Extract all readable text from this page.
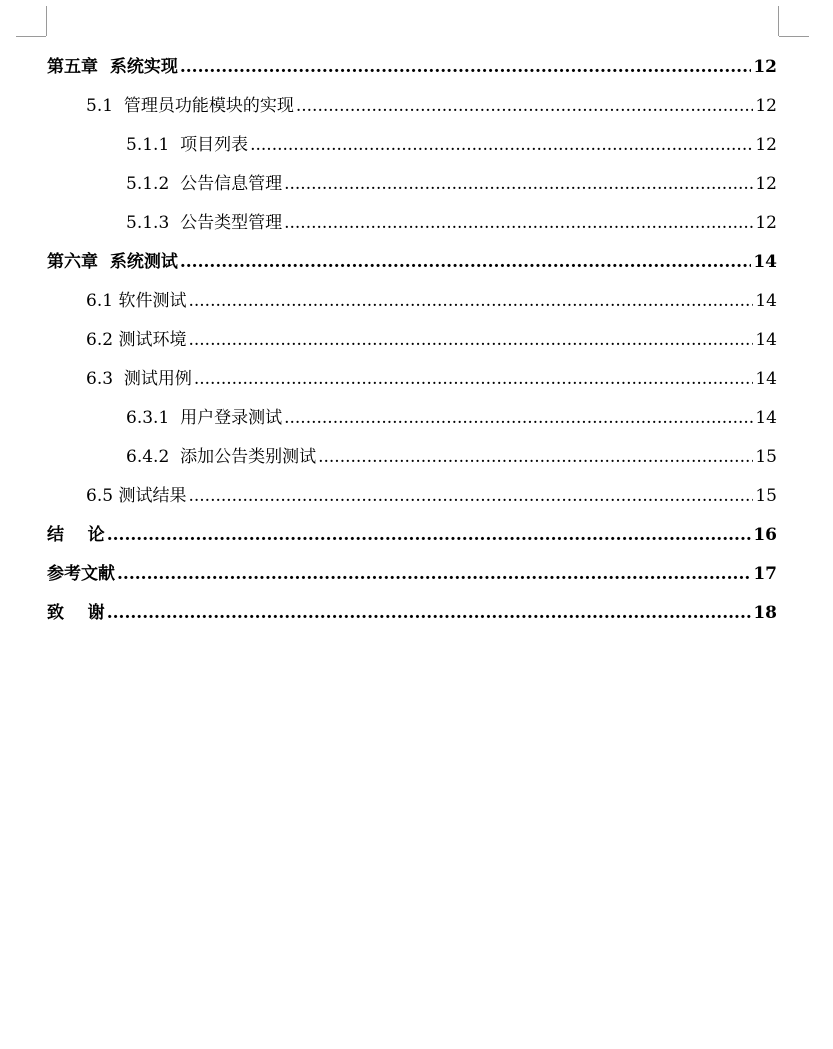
第五章  系统实现 .....	12
5.1  管理员功能模块的实现 .....	12
5.1.1  项目列表 .....	12
5.1.2  公告信息管理 .....	12
5.1.3  公告类型管理 .....	12
第六章  系统测试 .....	14
6.1 软件测试 .....	14
6.2 测试环境 .....	14
6.3  测试用例 .....	14
6.3.1  用户登录测试 .....	14
6.4.2  添加公告类别测试 .....	15
6.5 测试结果 .....	15
结    论 .....	16
参考文献 .....	17
致    谢 .....	18
